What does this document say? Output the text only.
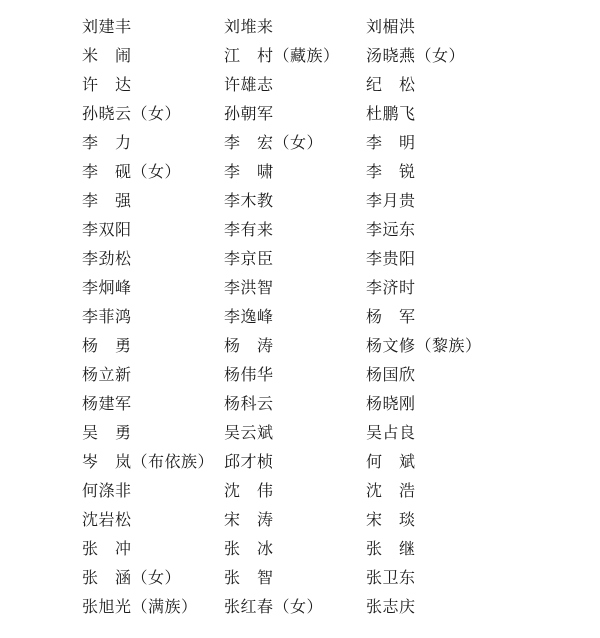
刘建丰	刘堆来	刘楣洪
米　闹	江　村（藏族） 汤晓燕（女）
许　达	许雄志	纪　松
孙晓云（女）	孙朝军	杜鹏飞
李　力	李　宏（女）	李　明
李　砚（女）	李　啸	李　锐
李　强	李木教	李月贵
李双阳	李有来	李远东
李劲松	李京臣	李贵阳
李炯峰	李洪智	李济时
李菲鸿	李逸峰	杨　军
杨　勇	杨　涛	杨文修（黎族）
杨立新	杨伟华	杨国欣
杨建军	杨科云	杨晓刚
吴　勇	吴云斌	吴占良
岑　岚（布依族） 邱才桢	何　斌
何涤非	沈　伟	沈　浩
沈岩松	宋　涛	宋　琰
张　冲	张　冰	张　继
张　涵（女）	张　智	张卫东
张旭光（满族） 张红春（女）	张志庆
